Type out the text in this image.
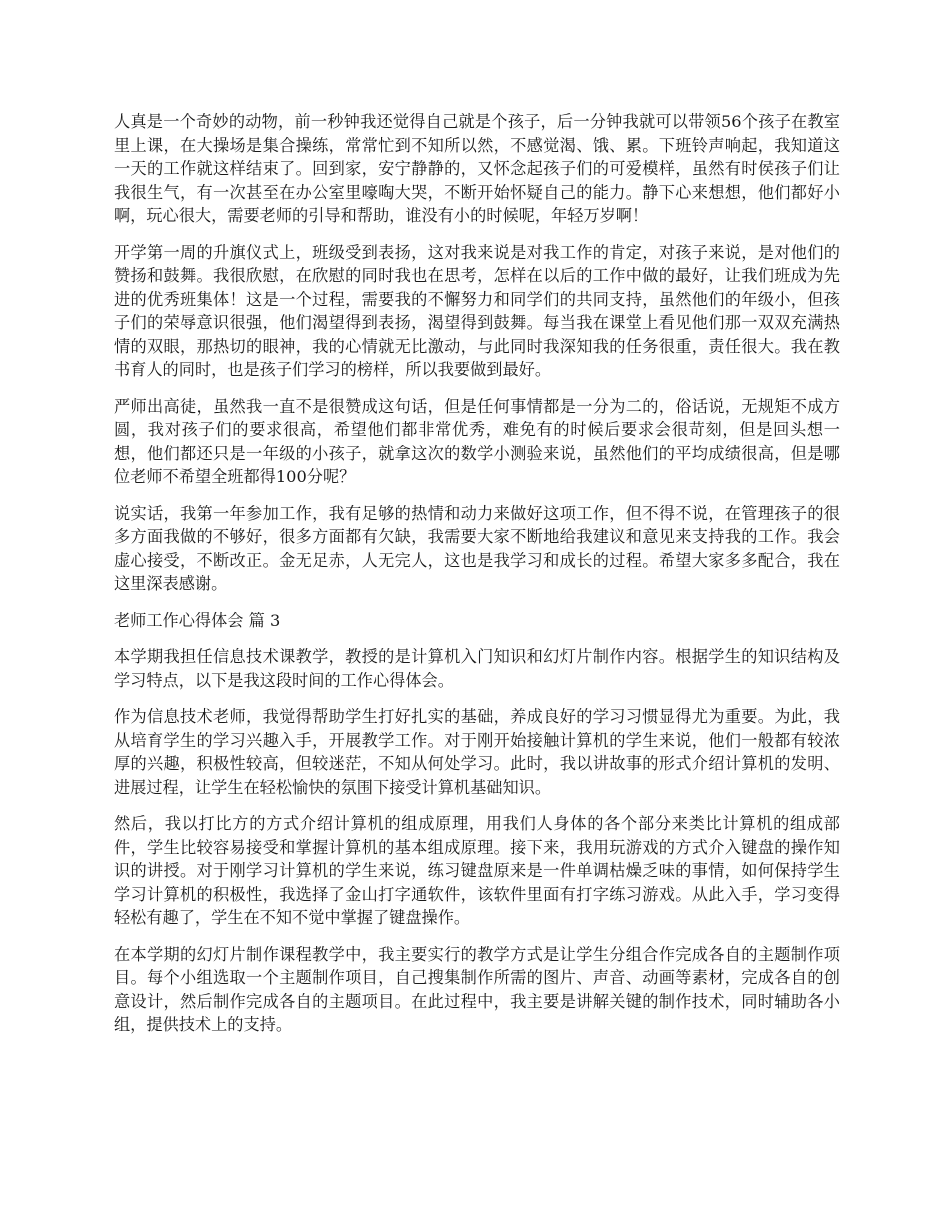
人真是一个奇妙的动物，前一秒钟我还觉得自己就是个孩子，后一分钟我就可以带领56个孩子在教室里上课，在大操场是集合操练，常常忙到不知所以然，不感觉渴、饿、累。下班铃声响起，我知道这一天的工作就这样结束了。回到家，安宁静静的，又怀念起孩子们的可爱模样，虽然有时侯孩子们让我很生气，有一次甚至在办公室里嚎啕大哭，不断开始怀疑自己的能力。静下心来想想，他们都好小啊，玩心很大，需要老师的引导和帮助，谁没有小的时候呢，年轻万岁啊！

开学第一周的升旗仪式上，班级受到表扬，这对我来说是对我工作的肯定，对孩子来说，是对他们的赞扬和鼓舞。我很欣慰，在欣慰的同时我也在思考，怎样在以后的工作中做的最好，让我们班成为先进的优秀班集体！这是一个过程，需要我的不懈努力和同学们的共同支持，虽然他们的年级小，但孩子们的荣辱意识很强，他们渴望得到表扬，渴望得到鼓舞。每当我在课堂上看见他们那一双双充满热情的双眼，那热切的眼神，我的心情就无比激动，与此同时我深知我的任务很重，责任很大。我在教书育人的同时，也是孩子们学习的榜样，所以我要做到最好。

严师出高徒，虽然我一直不是很赞成这句话，但是任何事情都是一分为二的，俗话说，无规矩不成方圆，我对孩子们的要求很高，希望他们都非常优秀，难免有的时候后要求会很苛刻，但是回头想一想，他们都还只是一年级的小孩子，就拿这次的数学小测验来说，虽然他们的平均成绩很高，但是哪位老师不希望全班都得100分呢？

说实话，我第一年参加工作，我有足够的热情和动力来做好这项工作，但不得不说，在管理孩子的很多方面我做的不够好，很多方面都有欠缺，我需要大家不断地给我建议和意见来支持我的工作。我会虚心接受，不断改正。金无足赤，人无完人，这也是我学习和成长的过程。希望大家多多配合，我在这里深表感谢。

老师工作心得体会 篇 3

本学期我担任信息技术课教学，教授的是计算机入门知识和幻灯片制作内容。根据学生的知识结构及学习特点，以下是我这段时间的工作心得体会。

作为信息技术老师，我觉得帮助学生打好扎实的基础，养成良好的学习习惯显得尤为重要。为此，我从培育学生的学习兴趣入手，开展教学工作。对于刚开始接触计算机的学生来说，他们一般都有较浓厚的兴趣，积极性较高，但较迷茫，不知从何处学习。此时，我以讲故事的形式介绍计算机的发明、进展过程，让学生在轻松愉快的氛围下接受计算机基础知识。

然后，我以打比方的方式介绍计算机的组成原理，用我们人身体的各个部分来类比计算机的组成部件，学生比较容易接受和掌握计算机的基本组成原理。接下来，我用玩游戏的方式介入键盘的操作知识的讲授。对于刚学习计算机的学生来说，练习键盘原来是一件单调枯燥乏味的事情，如何保持学生学习计算机的积极性，我选择了金山打字通软件，该软件里面有打字练习游戏。从此入手，学习变得轻松有趣了，学生在不知不觉中掌握了键盘操作。

在本学期的幻灯片制作课程教学中，我主要实行的教学方式是让学生分组合作完成各自的主题制作项目。每个小组选取一个主题制作项目，自己搜集制作所需的图片、声音、动画等素材，完成各自的创意设计，然后制作完成各自的主题项目。在此过程中，我主要是讲解关键的制作技术，同时辅助各小组，提供技术上的支持。
